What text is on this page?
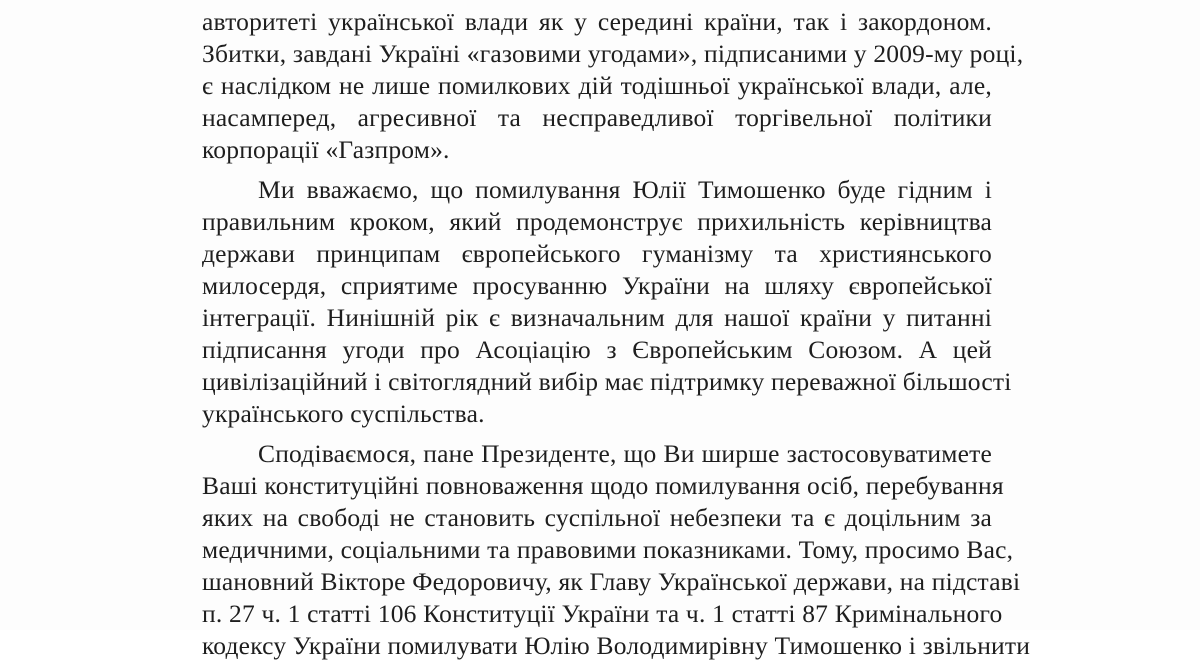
авторитеті української влади як у середині країни, так і закордоном.
Збитки, завдані Україні «газовими угодами», підписаними у 2009-му році,
є наслідком не лише помилкових дій тодішньої української влади, але,
насамперед, агресивної та несправедливої торгівельної політики
корпорації «Газпром».
Ми вважаємо, що помилування Юлії Тимошенко буде гідним і
правильним кроком, який продемонструє прихильність керівництва
держави принципам європейського гуманізму та християнського
милосердя, сприятиме просуванню України на шляху європейської
інтеграції. Нинішній рік є визначальним для нашої країни у питанні
підписання угоди про Асоціацію з Європейським Союзом. А цей
цивілізаційний і світоглядний вибір має підтримку переважної більшості
українського суспільства.
Сподіваємося, пане Президенте, що Ви ширше застосовуватимете
Ваші конституційні повноваження щодо помилування осіб, перебування
яких на свободі не становить суспільної небезпеки та є доцільним за
медичними, соціальними та правовими показниками. Тому, просимо Вас,
шановний Вікторе Федоровичу, як Главу Української держави, на підставі
п. 27 ч. 1 статті 106 Конституції України та ч. 1 статті 87 Кримінального
кодексу України помилувати Юлію Володимирівну Тимошенко і звільнити
